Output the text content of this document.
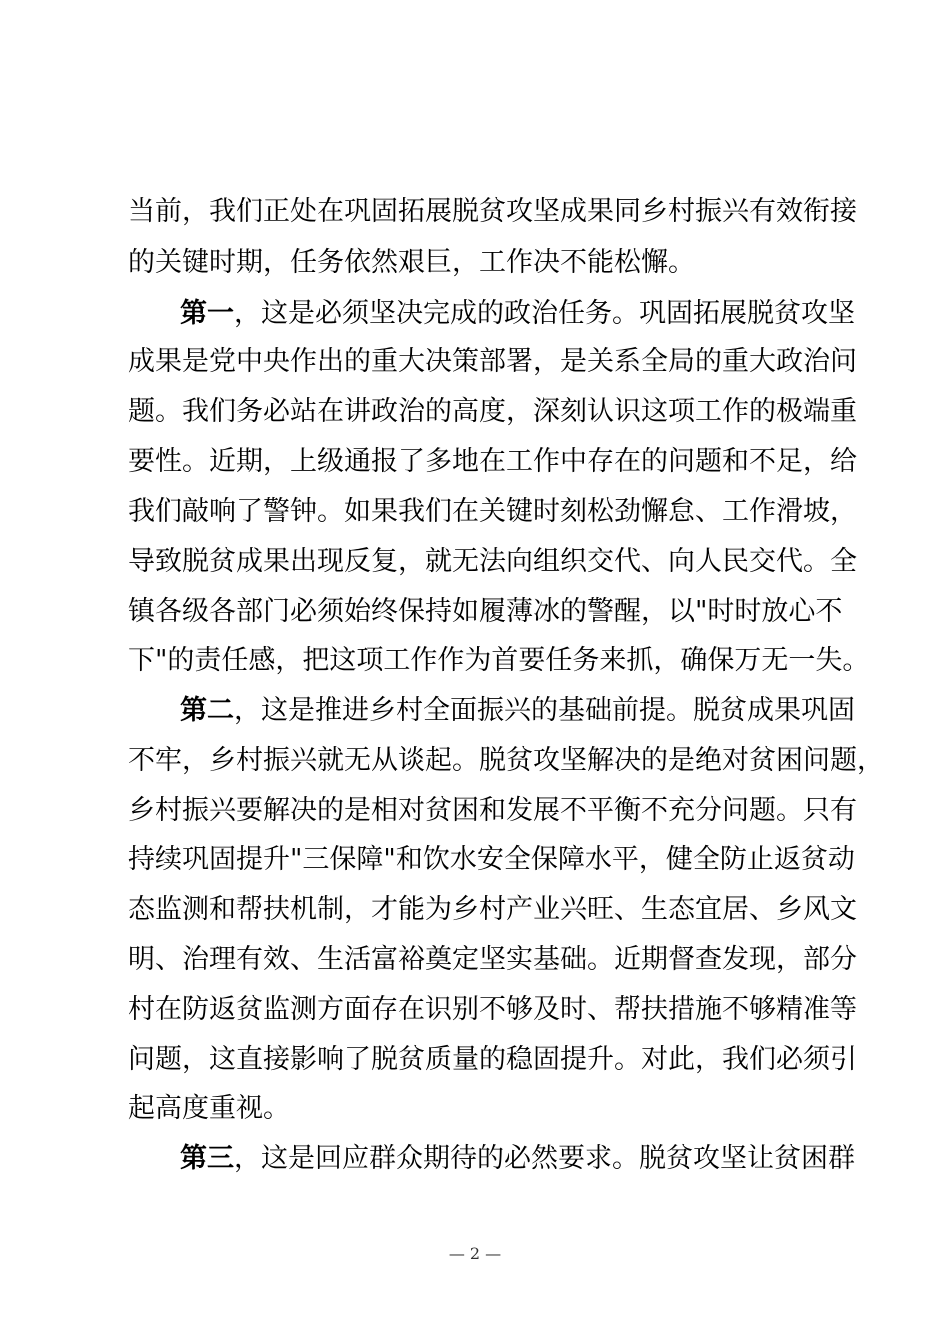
当前，我们正处在巩固拓展脱贫攻坚成果同乡村振兴有效衔接
的关键时期，任务依然艰巨，工作决不能松懈。
第一，这是必须坚决完成的政治任务。巩固拓展脱贫攻坚
成果是党中央作出的重大决策部署，是关系全局的重大政治问
题。我们务必站在讲政治的高度，深刻认识这项工作的极端重
要性。近期，上级通报了多地在工作中存在的问题和不足，给
我们敲响了警钟。如果我们在关键时刻松劲懈怠、工作滑坡，
导致脱贫成果出现反复，就无法向组织交代、向人民交代。全
镇各级各部门必须始终保持如履薄冰的警醒，以"时时放心不
下"的责任感，把这项工作作为首要任务来抓，确保万无一失。
第二，这是推进乡村全面振兴的基础前提。脱贫成果巩固
不牢，乡村振兴就无从谈起。脱贫攻坚解决的是绝对贫困问题，
乡村振兴要解决的是相对贫困和发展不平衡不充分问题。只有
持续巩固提升"三保障"和饮水安全保障水平，健全防止返贫动
态监测和帮扶机制，才能为乡村产业兴旺、生态宜居、乡风文
明、治理有效、生活富裕奠定坚实基础。近期督查发现，部分
村在防返贫监测方面存在识别不够及时、帮扶措施不够精准等
问题，这直接影响了脱贫质量的稳固提升。对此，我们必须引
起高度重视。
第三，这是回应群众期待的必然要求。脱贫攻坚让贫困群
— 2 —
